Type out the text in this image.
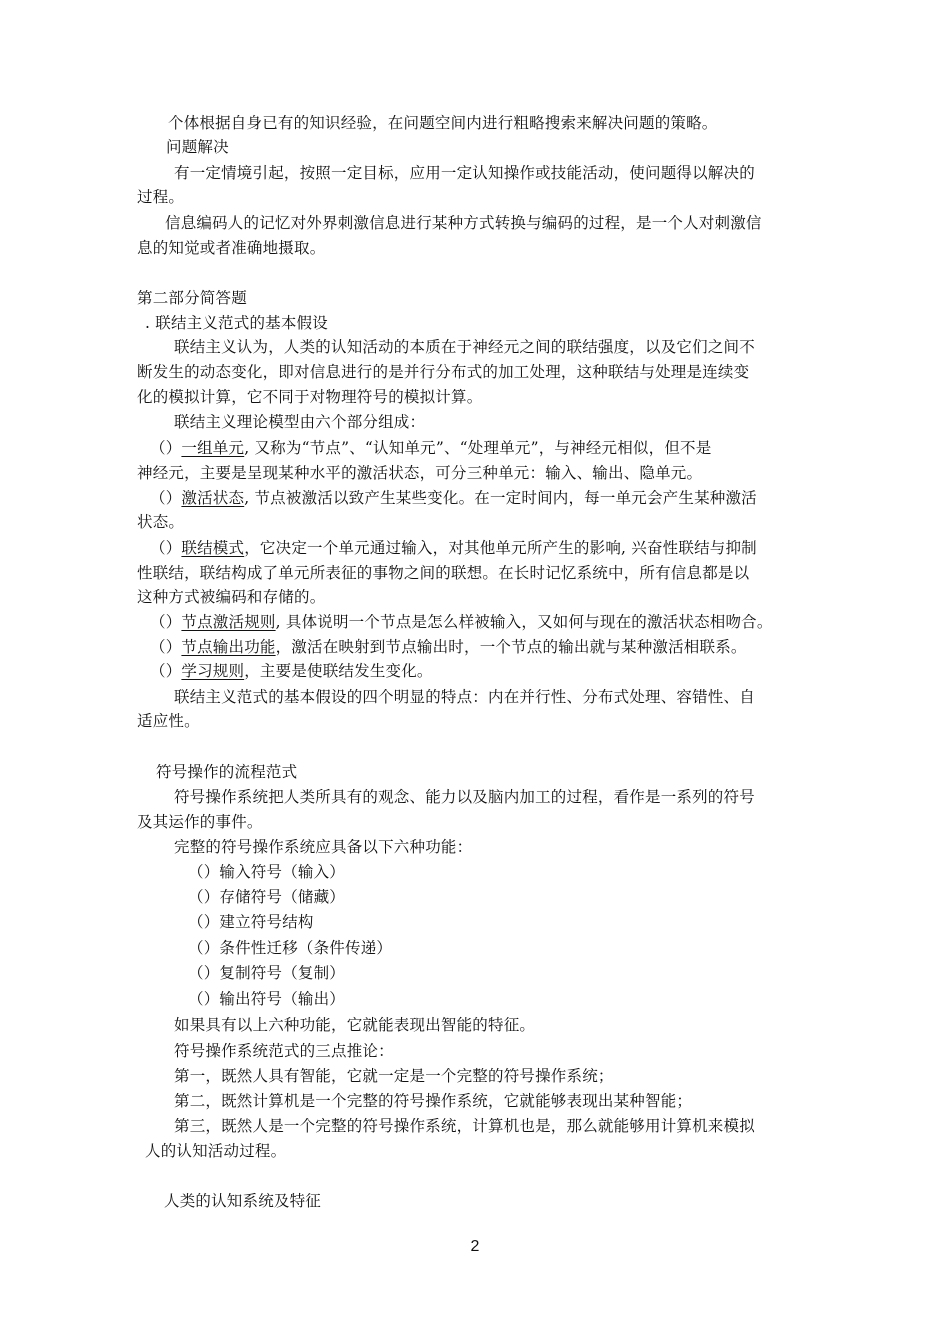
个体根据自身已有的知识经验，在问题空间内进行粗略搜索来解决问题的策略。
问题解决
有一定情境引起，按照一定目标，应用一定认知操作或技能活动，使问题得以解决的
过程。
信息编码人的记忆对外界刺激信息进行某种方式转换与编码的过程，是一个人对刺激信
息的知觉或者准确地摄取。
第二部分简答题
. 联结主义范式的基本假设
联结主义认为，人类的认知活动的本质在于神经元之间的联结强度，以及它们之间不
断发生的动态变化，即对信息进行的是并行分布式的加工处理，这种联结与处理是连续变
化的模拟计算，它不同于对物理符号的模拟计算。
联结主义理论模型由六个部分组成：
（）一组单元, 又称为“节点”、“认知单元”、“处理单元”，与神经元相似，但不是
神经元，主要是呈现某种水平的激活状态，可分三种单元：输入、输出、隐单元。
（）激活状态, 节点被激活以致产生某些变化。在一定时间内，每一单元会产生某种激活
状态。
（）联结模式，它决定一个单元通过输入，对其他单元所产生的影响, 兴奋性联结与抑制
性联结，联结构成了单元所表征的事物之间的联想。在长时记忆系统中，所有信息都是以
这种方式被编码和存储的。
（）节点激活规则, 具体说明一个节点是怎么样被输入，又如何与现在的激活状态相吻合。
（）节点输出功能，激活在映射到节点输出时，一个节点的输出就与某种激活相联系。
（）学习规则，主要是使联结发生变化。
联结主义范式的基本假设的四个明显的特点：内在并行性、分布式处理、容错性、自
适应性。
符号操作的流程范式
符号操作系统把人类所具有的观念、能力以及脑内加工的过程，看作是一系列的符号
及其运作的事件。
完整的符号操作系统应具备以下六种功能：
（）输入符号（输入）
（）存储符号（储藏）
（）建立符号结构
（）条件性迁移（条件传递）
（）复制符号（复制）
（）输出符号（输出）
如果具有以上六种功能，它就能表现出智能的特征。
符号操作系统范式的三点推论：
第一，既然人具有智能，它就一定是一个完整的符号操作系统；
第二，既然计算机是一个完整的符号操作系统，它就能够表现出某种智能；
第三，既然人是一个完整的符号操作系统，计算机也是，那么就能够用计算机来模拟
人的认知活动过程。
人类的认知系统及特征
2
